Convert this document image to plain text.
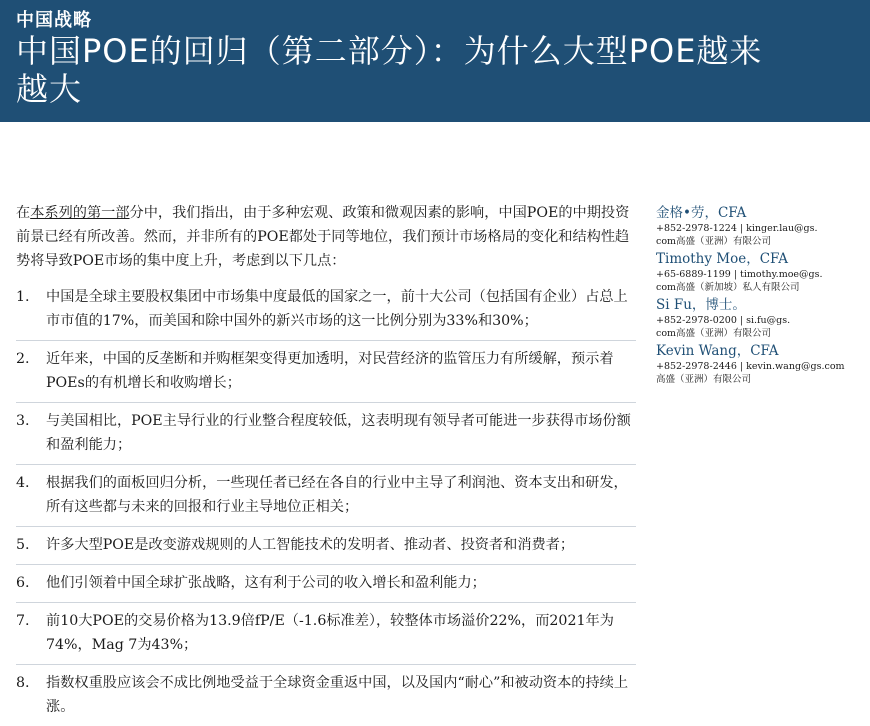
中国战略
中国POE的回归（第二部分）：为什么大型POE越来越大
在本系列的第一部分中，我们指出，由于多种宏观、政策和微观因素的影响，中国POE的中期投资前景已经有所改善。然而，并非所有的POE都处于同等地位，我们预计市场格局的变化和结构性趋势将导致POE市场的集中度上升，考虑到以下几点：
1.	中国是全球主要股权集团中市场集中度最低的国家之一，前十大公司（包括国有企业）占总上市市值的17%，而美国和除中国外的新兴市场的这一比例分别为33%和30%；
2.	近年来，中国的反垄断和并购框架变得更加透明，对民营经济的监管压力有所缓解，预示着POEs的有机增长和收购增长；
3.	与美国相比，POE主导行业的行业整合程度较低，这表明现有领导者可能进一步获得市场份额和盈利能力；
4.	根据我们的面板回归分析，一些现任者已经在各自的行业中主导了利润池、资本支出和研发，所有这些都与未来的回报和行业主导地位正相关；
5.	许多大型POE是改变游戏规则的人工智能技术的发明者、推动者、投资者和消费者；
6.	他们引领着中国全球扩张战略，这有利于公司的收入增长和盈利能力；
7.	前10大POE的交易价格为13.9倍fP/E（-1.6标准差），较整体市场溢价22%，而2021年为74%，Mag 7为43%；
8.	指数权重股应该会不成比例地受益于全球资金重返中国，以及国内“耐心”和被动资本的持续上涨。
金格•劳，CFA
+852-2978-1224 | kinger.lau@gs.
com高盛（亚洲）有限公司
Timothy Moe，CFA
+65-6889-1199 | timothy.moe@gs.
com高盛（新加坡）私人有限公司
Si Fu，博士。
+852-2978-0200 | si.fu@gs.
com高盛（亚洲）有限公司
Kevin Wang，CFA
+852-2978-2446 | kevin.wang@gs.com
高盛（亚洲）有限公司
